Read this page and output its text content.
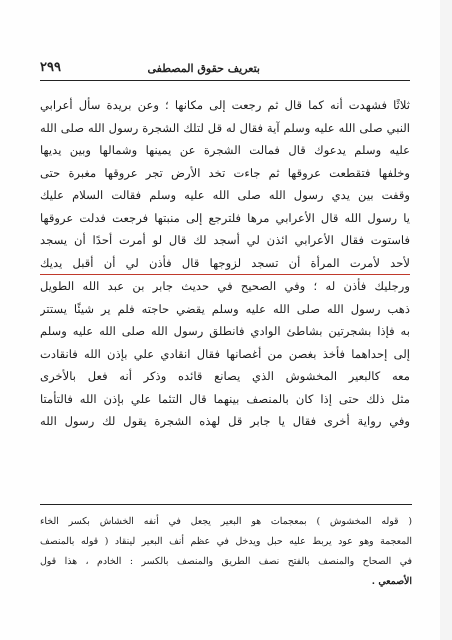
بتعريف حقوق المصطفى
٢٩٩
ثلاثًا فشهدت أنه كما قال ثم رجعت إلى مكانها ؛ وعن بريدة سأل أعرابي
النبي صلى الله عليه وسلم آية فقال له قل لتلك الشجرة رسول الله صلى الله
عليه وسلم يدعوك قال فمالت الشجرة عن يمينها وشمالها وبين يديها
وخلفها فتقطعت عروقها ثم جاءت تخد الأرض تجر عروقها مغبرة حتى
وقفت بين يدي رسول الله صلى الله عليه وسلم فقالت السلام عليك
يا رسول الله قال الأعرابي مرها فلترجع إلى منبتها فرجعت فدلت عروقها
فاستوت فقال الأعرابي ائذن لي أسجد لك قال لو أمرت أحدًا أن يسجد
لأحد لأمرت المرأة أن تسجد لزوجها قال فأذن لي أن أقبل يديك
ورجليك فأذن له ؛ وفي الصحيح في حديث جابر بن عبد الله الطويل
ذهب رسول الله صلى الله عليه وسلم يقضي حاجته فلم ير شيئًا يستتر
به فإذا بشجرتين بشاطئ الوادي فانطلق رسول الله صلى الله عليه وسلم
إلى إحداهما فأخذ بغصن من أغصانها فقال انقادي علي بإذن الله فانقادت
معه كالبعير المخشوش الذي يصانع قائده وذكر أنه فعل بالأخرى
مثل ذلك حتى إذا كان بالمنصف بينهما قال التئما علي بإذن الله فالتأمتا
وفي رواية أخرى فقال يا جابر قل لهذه الشجرة يقول لك رسول الله
( قوله المخشوش ) بمعجمات هو البعير يجعل في أنفه الخشاش بكسر الخاء
المعجمة وهو عود يربط عليه حبل ويدخل في عظم أنف البعير لينقاد ( قوله بالمنصف
في الصحاح والمنصف بالفتح نصف الطريق والمنصف بالكسر : الخادم ، هذا قول
الأصمعي .
